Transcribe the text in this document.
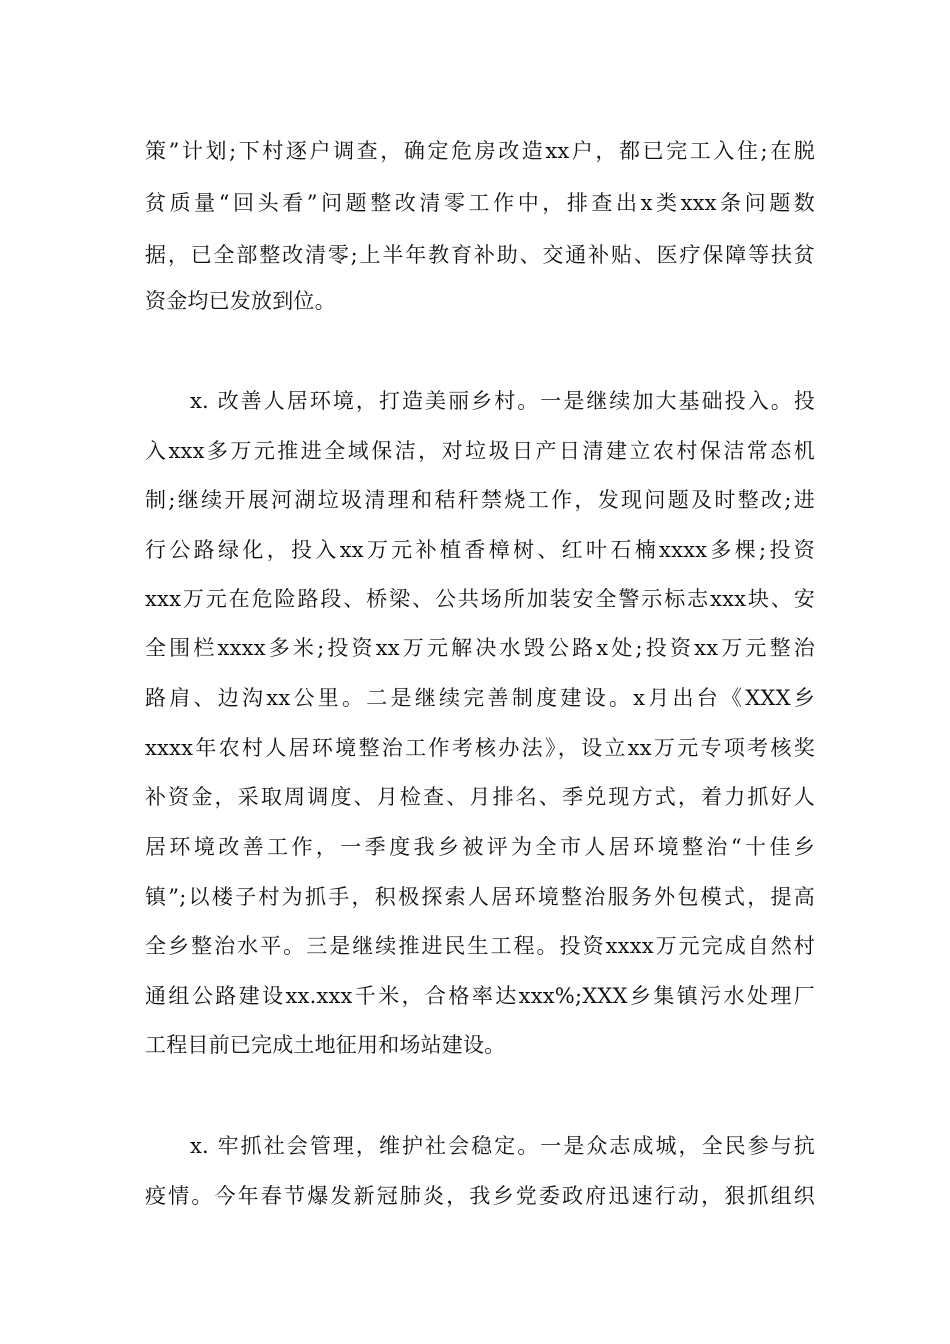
策”计划;下村逐户调查，确定危房改造xx户，都已完工入住;在脱
贫质量“回头看”问题整改清零工作中，排查出x类xxx条问题数
据，已全部整改清零;上半年教育补助、交通补贴、医疗保障等扶贫
资金均已发放到位。
x. 改善人居环境，打造美丽乡村。一是继续加大基础投入。投
入xxx多万元推进全域保洁，对垃圾日产日清建立农村保洁常态机
制;继续开展河湖垃圾清理和秸秆禁烧工作，发现问题及时整改;进
行公路绿化，投入xx万元补植香樟树、红叶石楠xxxx多棵;投资
xxx万元在危险路段、桥梁、公共场所加装安全警示标志xxx块、安
全围栏xxxx多米;投资xx万元解决水毁公路x处;投资xx万元整治
路肩、边沟xx公里。二是继续完善制度建设。x月出台《XXX乡
xxxx年农村人居环境整治工作考核办法》，设立xx万元专项考核奖
补资金，采取周调度、月检查、月排名、季兑现方式，着力抓好人
居环境改善工作，一季度我乡被评为全市人居环境整治“十佳乡
镇”;以楼子村为抓手，积极探索人居环境整治服务外包模式，提高
全乡整治水平。三是继续推进民生工程。投资xxxx万元完成自然村
通组公路建设xx.xxx千米，合格率达xxx%;XXX乡集镇污水处理厂
工程目前已完成土地征用和场站建设。
x. 牢抓社会管理，维护社会稳定。一是众志成城，全民参与抗
疫情。今年春节爆发新冠肺炎，我乡党委政府迅速行动，狠抓组织
